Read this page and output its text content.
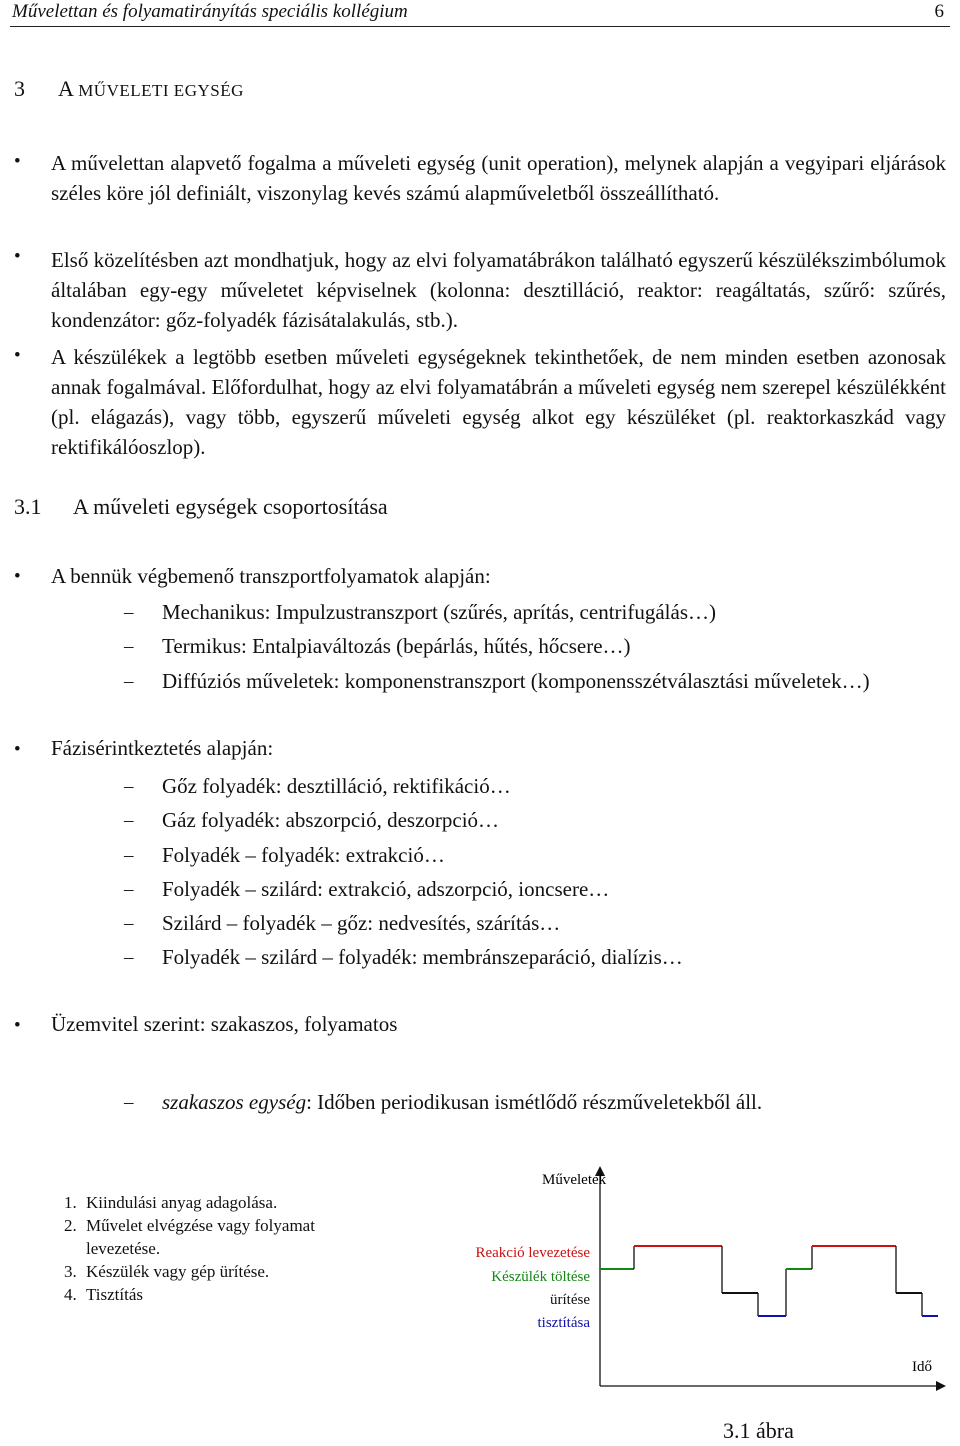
Művelettan és folyamatirányítás speciális kollégium	6
3 A MŰVELETI EGYSÉG
• A művelettan alapvető fogalma a műveleti egység (unit operation), melynek alapján a vegyipari eljárások széles köre jól definiált, viszonylag kevés számú alapműveletből összeállítható.
• Első közelítésben azt mondhatjuk, hogy az elvi folyamatábrákon található egyszerű készülékszimbólumok általában egy-egy műveletet képviselnek (kolonna: desztilláció, reaktor: reagáltatás, szűrő: szűrés, kondenzátor: gőz-folyadék fázisátalakulás, stb.).
• A készülékek a legtöbb esetben műveleti egységeknek tekinthetőek, de nem minden esetben azonosak annak fogalmával. Előfordulhat, hogy az elvi folyamatábrán a műveleti egység nem szerepel készülékként (pl. elágazás), vagy több, egyszerű műveleti egység alkot egy készüléket (pl. reaktorkaszkád vagy rektifikálóoszlop).
3.1 A műveleti egységek csoportosítása
• A bennük végbemenő transzportfolyamatok alapján:
– Mechanikus: Impulzustranszport (szűrés, aprítás, centrifugálás…)
– Termikus: Entalpiaváltozás (bepárlás, hűtés, hőcsere…)
– Diffúziós műveletek: komponenstranszport (komponensszétválasztási műveletek…)
• Fázisérintkeztetés alapján:
– Gőz folyadék: desztilláció, rektifikáció…
– Gáz folyadék: abszorpció, deszorpció…
– Folyadék – folyadék: extrakció…
– Folyadék – szilárd: extrakció, adszorpció, ioncsere…
– Szilárd – folyadék – gőz: nedvesítés, szárítás…
– Folyadék – szilárd – folyadék: membránszeparáció, dialízis…
• Üzemvitel szerint: szakaszos, folyamatos
– szakaszos egység: Időben periodikusan ismétlődő részműveletekből áll.
1. Kiindulási anyag adagolása.
2. Művelet elvégzése vagy folyamat levezetése.
3. Készülék vagy gép ürítése.
4. Tisztítás
Műveletek
Idő
Reakció levezetése
Készülék töltése
ürítése
tisztítása
3.1 ábra
